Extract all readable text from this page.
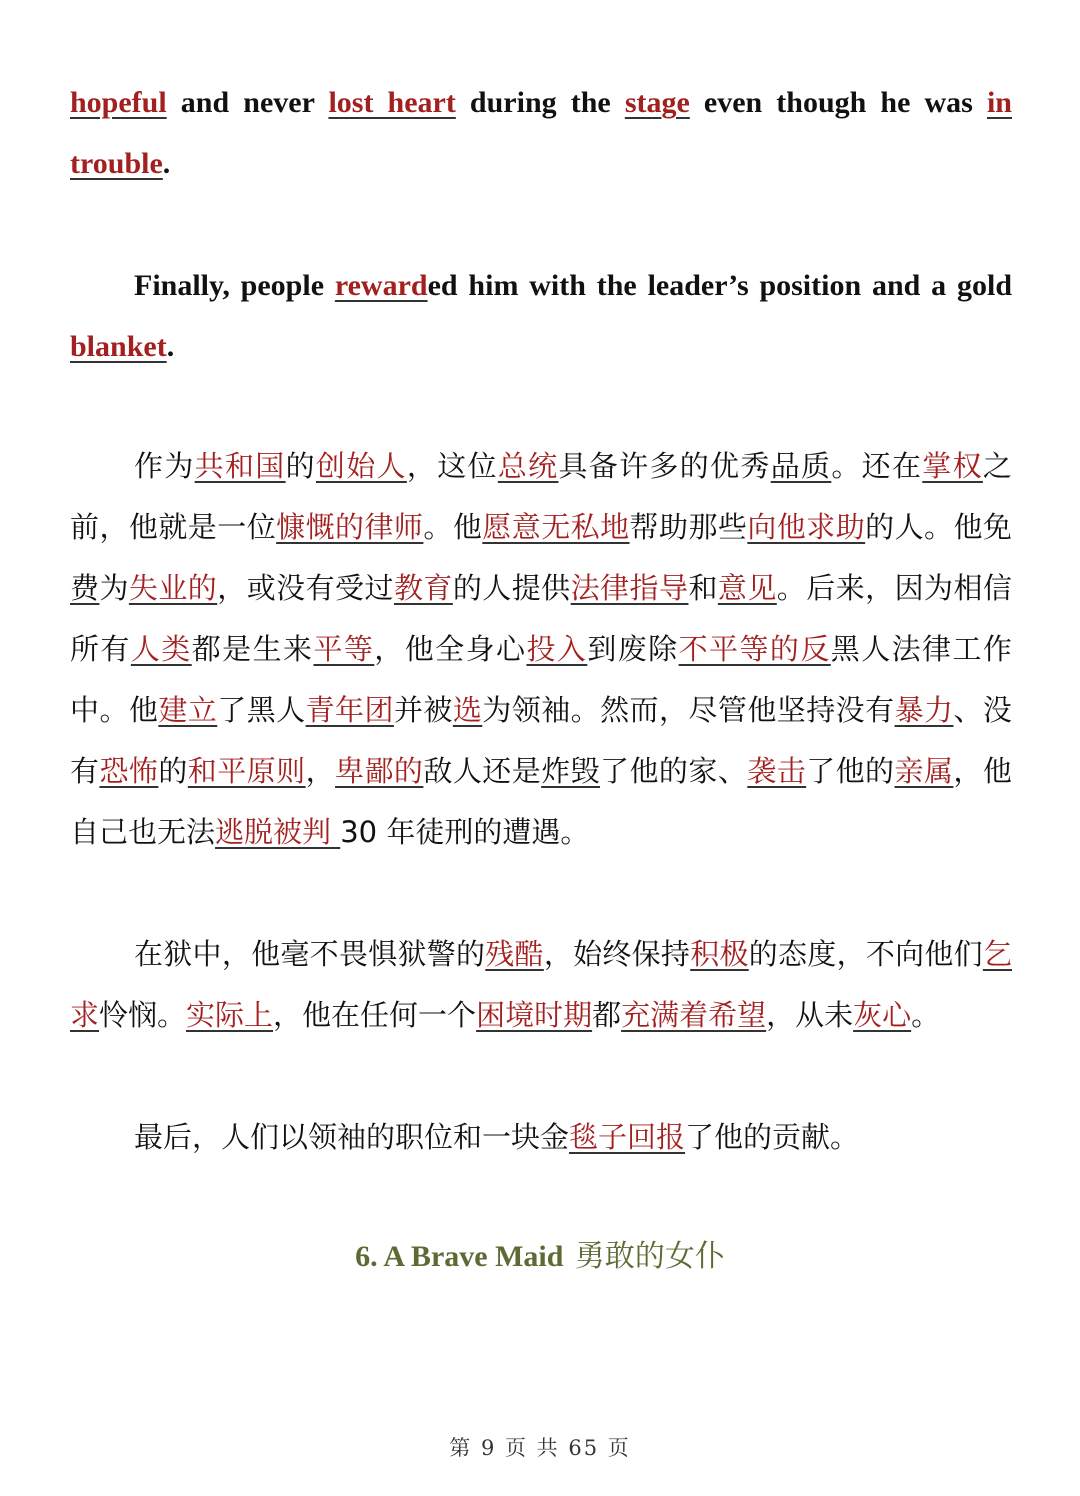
hopeful and never lost heart during the stage even though he was in trouble.

Finally, people rewarded him with the leader’s position and a gold blanket.

作为共和国的创始人，这位总统具备许多的优秀品质。还在掌权之前，他就是一位慷慨的律师。他愿意无私地帮助那些向他求助的人。他免费为失业的，或没有受过教育的人提供法律指导和意见。后来，因为相信所有人类都是生来平等，他全身心投入到废除不平等的反黑人法律工作中。他建立了黑人青年团并被选为领袖。然而，尽管他坚持没有暴力、没有恐怖的和平原则，卑鄙的敌人还是炸毁了他的家、袭击了他的亲属，他自己也无法逃脱被判 30 年徒刑的遭遇。

在狱中，他毫不畏惧狱警的残酷，始终保持积极的态度，不向他们乞求怜悯。实际上，他在任何一个困境时期都充满着希望，从未灰心。

最后，人们以领袖的职位和一块金毯子回报了他的贡献。

6. A Brave Maid 勇敢的女仆
第 9 页 共 65 页
